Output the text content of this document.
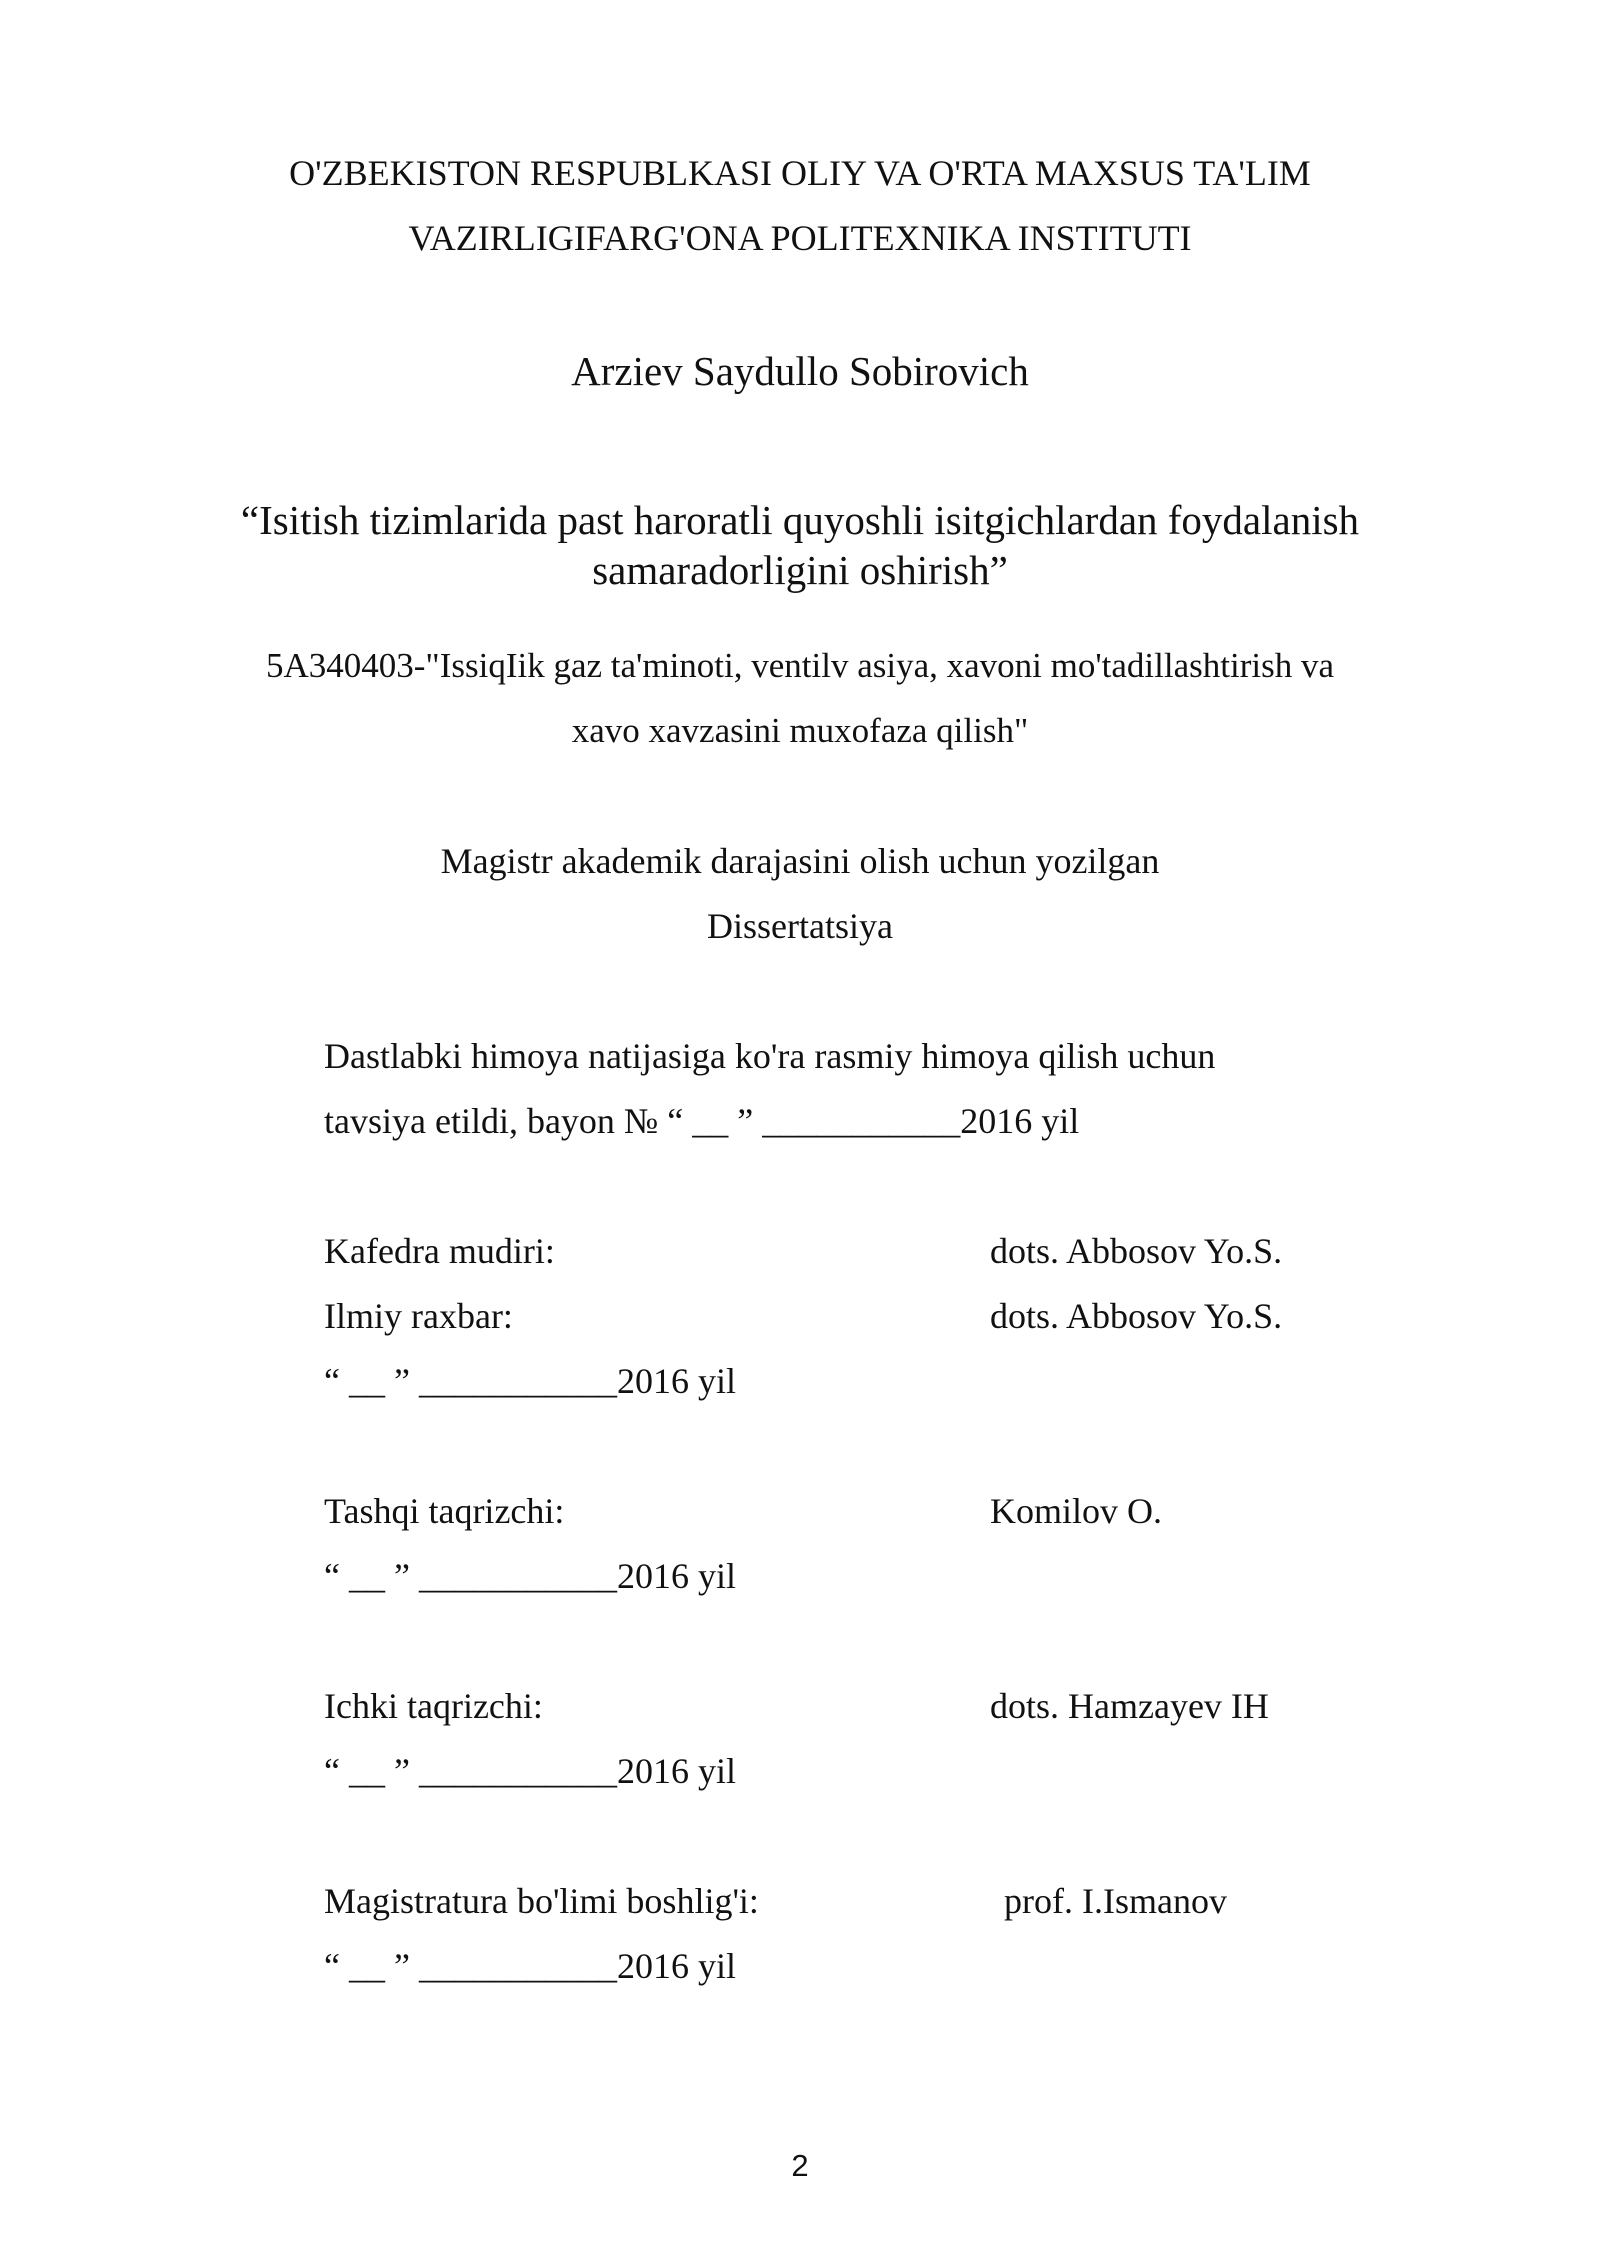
O'ZBEKISTON RESPUBLKASI OLIY VA O'RTA MAXSUS TA'LIM
VAZIRLIGIFARG'ONA POLITEXNIKA INSTITUTI
Arziev Saydullo Sobirovich
“Isitish tizimlarida past haroratli quyoshli isitgichlardan foydalanish
samaradorligini oshirish”
5A340403-"IssiqIik gaz ta'minoti, ventilv asiya, xavoni mo'tadillashtirish va
xavo xavzasini muxofaza qilish"
Magistr akademik darajasini olish uchun yozilgan
Dissertatsiya
Dastlabki himoya natijasiga ko'ra rasmiy himoya qilish uchun
tavsiya etildi, bayon № “ __ ” ___________2016 yil
Kafedra mudiri:	dots. Abbosov Yo.S.
Ilmiy raxbar:	dots. Abbosov Yo.S.
“ __ ” ___________2016 yil
Tashqi taqrizchi:	Komilov O.
“ __ ” ___________2016 yil
Ichki taqrizchi:	dots. Hamzayev IH
“ __ ” ___________2016 yil
Magistratura bo'limi boshlig'i:	prof. I.Ismanov
“ __ ” ___________2016 yil
2
